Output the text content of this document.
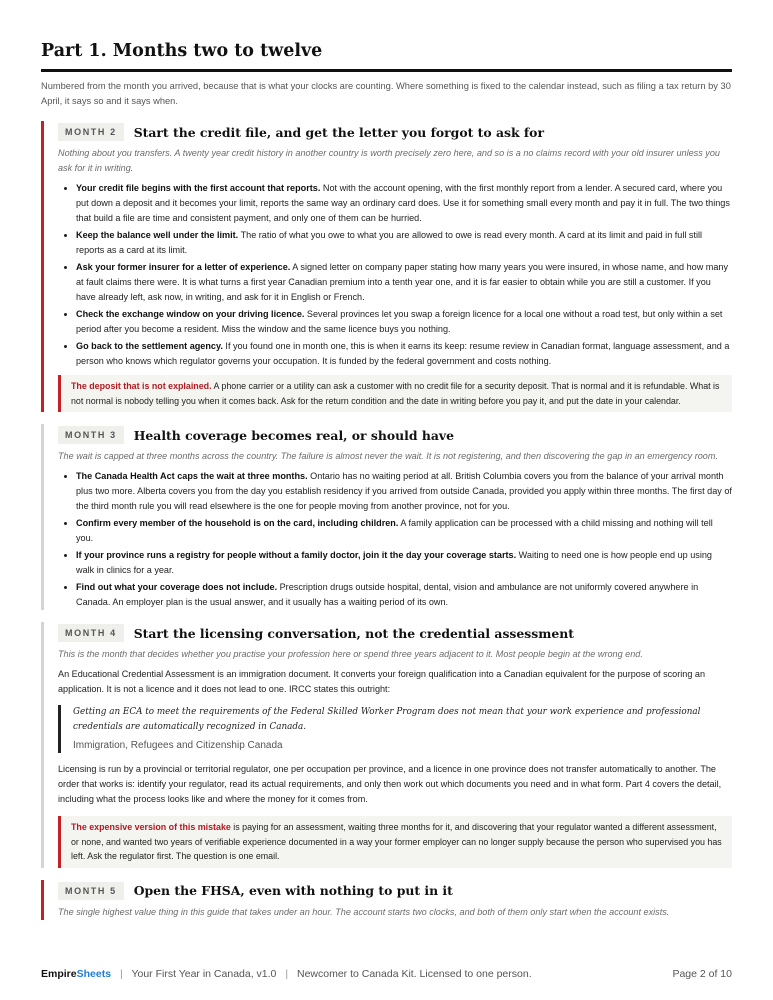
Part 1. Months two to twelve
Numbered from the month you arrived, because that is what your clocks are counting. Where something is fixed to the calendar instead, such as filing a tax return by 30 April, it says so and it says when.
MONTH 2	Start the credit file, and get the letter you forgot to ask for
Nothing about you transfers. A twenty year credit history in another country is worth precisely zero here, and so is a no claims record with your old insurer unless you ask for it in writing.
• Your credit file begins with the first account that reports. Not with the account opening, with the first monthly report from a lender. A secured card, where you put down a deposit and it becomes your limit, reports the same way an ordinary card does. Use it for something small every month and pay it in full. The two things that build a file are time and consistent payment, and only one of them can be hurried.
• Keep the balance well under the limit. The ratio of what you owe to what you are allowed to owe is read every month. A card at its limit and paid in full still reports as a card at its limit.
• Ask your former insurer for a letter of experience. A signed letter on company paper stating how many years you were insured, in whose name, and how many at fault claims there were. It is what turns a first year Canadian premium into a tenth year one, and it is far easier to obtain while you are still a customer. If you have already left, ask now, in writing, and ask for it in English or French.
• Check the exchange window on your driving licence. Several provinces let you swap a foreign licence for a local one without a road test, but only within a set period after you become a resident. Miss the window and the same licence buys you nothing.
• Go back to the settlement agency. If you found one in month one, this is when it earns its keep: resume review in Canadian format, language assessment, and a person who knows which regulator governs your occupation. It is funded by the federal government and costs nothing.
The deposit that is not explained. A phone carrier or a utility can ask a customer with no credit file for a security deposit. That is normal and it is refundable. What is not normal is nobody telling you when it comes back. Ask for the return condition and the date in writing before you pay it, and put the date in your calendar.
MONTH 3	Health coverage becomes real, or should have
The wait is capped at three months across the country. The failure is almost never the wait. It is not registering, and then discovering the gap in an emergency room.
• The Canada Health Act caps the wait at three months. Ontario has no waiting period at all. British Columbia covers you from the balance of your arrival month plus two more. Alberta covers you from the day you establish residency if you arrived from outside Canada, provided you apply within three months. The first day of the third month rule you will read elsewhere is the one for people moving from another province, not for you.
• Confirm every member of the household is on the card, including children. A family application can be processed with a child missing and nothing will tell you.
• If your province runs a registry for people without a family doctor, join it the day your coverage starts. Waiting to need one is how people end up using walk in clinics for a year.
• Find out what your coverage does not include. Prescription drugs outside hospital, dental, vision and ambulance are not uniformly covered anywhere in Canada. An employer plan is the usual answer, and it usually has a waiting period of its own.
MONTH 4	Start the licensing conversation, not the credential assessment
This is the month that decides whether you practise your profession here or spend three years adjacent to it. Most people begin at the wrong end.

An Educational Credential Assessment is an immigration document. It converts your foreign qualification into a Canadian equivalent for the purpose of scoring an application. It is not a licence and it does not lead to one. IRCC states this outright:

Getting an ECA to meet the requirements of the Federal Skilled Worker Program does not mean that your work experience and professional credentials are automatically recognized in Canada.
Immigration, Refugees and Citizenship Canada

Licensing is run by a provincial or territorial regulator, one per occupation per province, and a licence in one province does not transfer automatically to another. The order that works is: identify your regulator, read its actual requirements, and only then work out which documents you need and in what form. Part 4 covers the detail, including what the process looks like and where the money for it comes from.

The expensive version of this mistake is paying for an assessment, waiting three months for it, and discovering that your regulator wanted a different assessment, or none, and wanted two years of verifiable experience documented in a way your former employer can no longer supply because the person who supervised you has left. Ask the regulator first. The question is one email.
MONTH 5	Open the FHSA, even with nothing to put in it
The single highest value thing in this guide that takes under an hour. The account starts two clocks, and both of them only start when the account exists.
EmpireSheets | Your First Year in Canada, v1.0 | Newcomer to Canada Kit. Licensed to one person.	Page 2 of 10
